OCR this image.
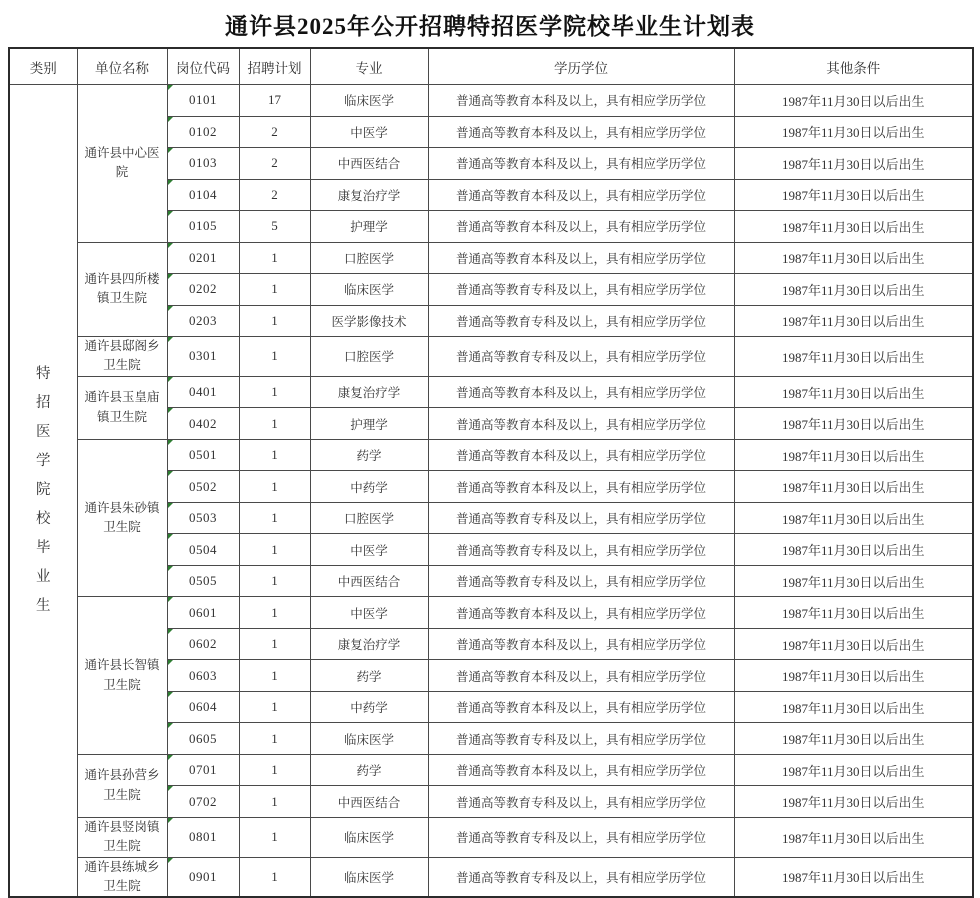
通许县2025年公开招聘特招医学院校毕业生计划表
类别	单位名称	岗位代码	招聘计划	专业	学历学位	其他条件

特招医学院校毕业生	通许县中心医院	0101	17	临床医学	普通高等教育本科及以上，具有相应学历学位	1987年11月30日以后出生

0102	2	中医学	普通高等教育本科及以上，具有相应学历学位	1987年11月30日以后出生

0103	2	中西医结合	普通高等教育本科及以上，具有相应学历学位	1987年11月30日以后出生

0104	2	康复治疗学	普通高等教育本科及以上，具有相应学历学位	1987年11月30日以后出生

0105	5	护理学	普通高等教育本科及以上，具有相应学历学位	1987年11月30日以后出生
	通许县四所楼镇卫生院	0201	1	口腔医学	普通高等教育本科及以上，具有相应学历学位	1987年11月30日以后出生

0202	1	临床医学	普通高等教育专科及以上，具有相应学历学位	1987年11月30日以后出生

0203	1	医学影像技术	普通高等教育专科及以上，具有相应学历学位	1987年11月30日以后出生
	通许县邸阁乡卫生院	0301	1	口腔医学	普通高等教育专科及以上，具有相应学历学位	1987年11月30日以后出生
	通许县玉皇庙镇卫生院	0401	1	康复治疗学	普通高等教育本科及以上，具有相应学历学位	1987年11月30日以后出生

0402	1	护理学	普通高等教育本科及以上，具有相应学历学位	1987年11月30日以后出生
	通许县朱砂镇卫生院	0501	1	药学	普通高等教育本科及以上，具有相应学历学位	1987年11月30日以后出生

0502	1	中药学	普通高等教育本科及以上，具有相应学历学位	1987年11月30日以后出生

0503	1	口腔医学	普通高等教育专科及以上，具有相应学历学位	1987年11月30日以后出生

0504	1	中医学	普通高等教育专科及以上，具有相应学历学位	1987年11月30日以后出生

0505	1	中西医结合	普通高等教育专科及以上，具有相应学历学位	1987年11月30日以后出生
	通许县长智镇卫生院	0601	1	中医学	普通高等教育本科及以上，具有相应学历学位	1987年11月30日以后出生

0602	1	康复治疗学	普通高等教育本科及以上，具有相应学历学位	1987年11月30日以后出生

0603	1	药学	普通高等教育本科及以上，具有相应学历学位	1987年11月30日以后出生

0604	1	中药学	普通高等教育本科及以上，具有相应学历学位	1987年11月30日以后出生

0605	1	临床医学	普通高等教育专科及以上，具有相应学历学位	1987年11月30日以后出生
	通许县孙营乡卫生院	0701	1	药学	普通高等教育本科及以上，具有相应学历学位	1987年11月30日以后出生

0702	1	中西医结合	普通高等教育专科及以上，具有相应学历学位	1987年11月30日以后出生
	通许县竖岗镇卫生院	0801	1	临床医学	普通高等教育专科及以上，具有相应学历学位	1987年11月30日以后出生
	通许县练城乡卫生院	0901	1	临床医学	普通高等教育专科及以上，具有相应学历学位	1987年11月30日以后出生
